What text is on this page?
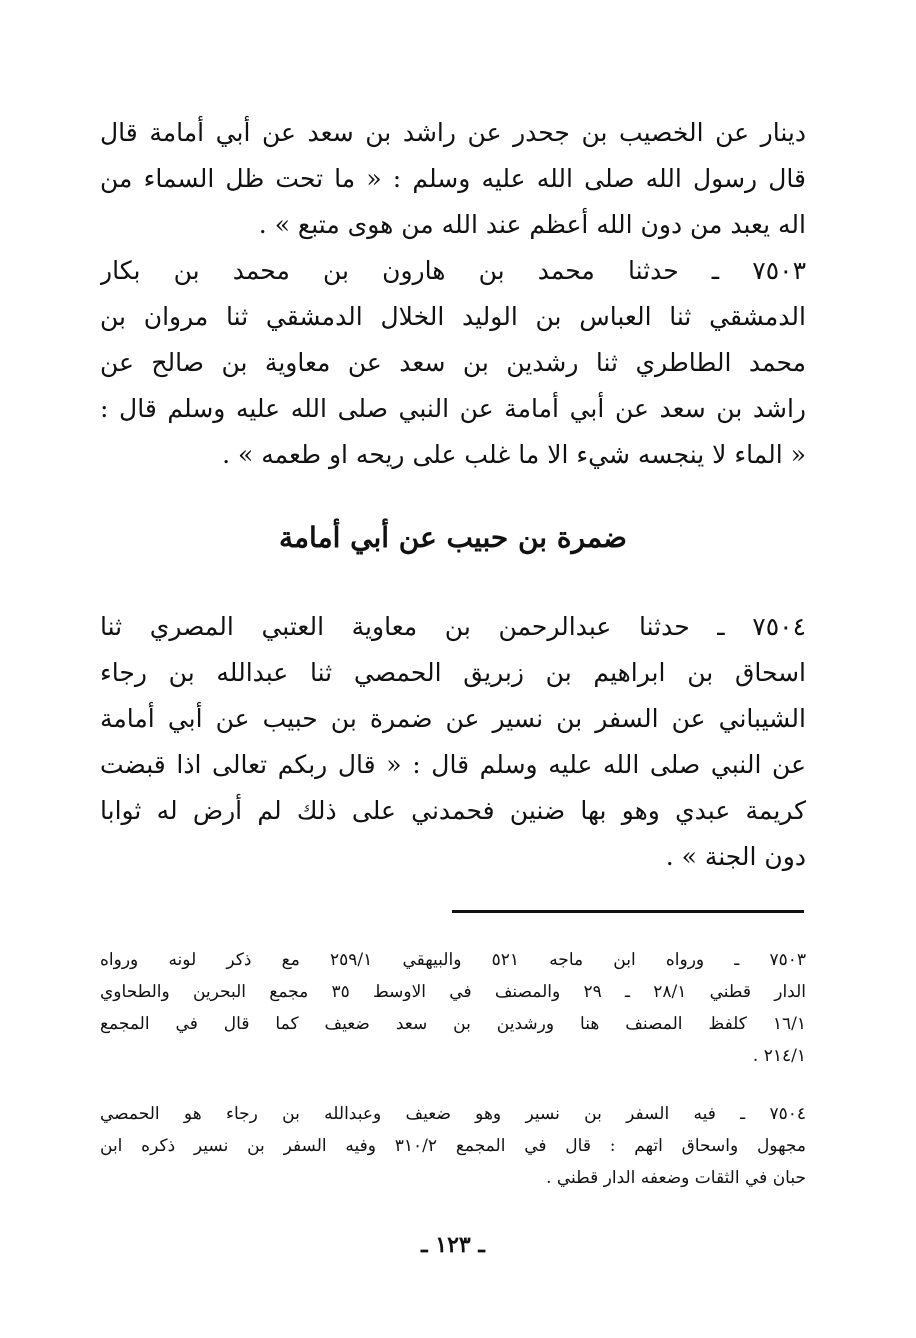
دينار عن الخصيب بن جحدر عن راشد بن سعد عن أبي أمامة قال
قال رسول الله صلى الله عليه وسلم : « ما تحت ظل السماء من
اله يعبد من دون الله أعظم عند الله من هوى متبع » .
٧٥٠٣ ـ حدثنا محمد بن هارون بن محمد بن بكار
الدمشقي ثنا العباس بن الوليد الخلال الدمشقي ثنا مروان بن
محمد الطاطري ثنا رشدين بن سعد عن معاوية بن صالح عن
راشد بن سعد عن أبي أمامة عن النبي صلى الله عليه وسلم قال :
« الماء لا ينجسه شيء الا ما غلب على ريحه او طعمه » .
ضمرة بن حبيب عن أبي أمامة
٧٥٠٤ ـ حدثنا عبدالرحمن بن معاوية العتبي المصري ثنا
اسحاق بن ابراهيم بن زبريق الحمصي ثنا عبدالله بن رجاء
الشيباني عن السفر بن نسير عن ضمرة بن حبيب عن أبي أمامة
عن النبي صلى الله عليه وسلم قال : « قال ربكم تعالى اذا قبضت
كريمة عبدي وهو بها ضنين فحمدني على ذلك لم أرض له ثوابا
دون الجنة » .
٧٥٠٣ ـ ورواه ابن ماجه ٥٢١ والبيهقي ٢٥٩/١ مع ذكر لونه ورواه
الدار قطني ٢٨/١ ـ ٢٩ والمصنف في الاوسط ٣٥ مجمع البحرين والطحاوي
١٦/١ كلفظ المصنف هنا ورشدين بن سعد ضعيف كما قال في المجمع
٢١٤/١ .
٧٥٠٤ ـ فيه السفر بن نسير وهو ضعيف وعبدالله بن رجاء هو الحمصي
مجهول واسحاق اتهم : قال في المجمع ٣١٠/٢ وفيه السفر بن نسير ذكره ابن
حبان في الثقات وضعفه الدار قطني .
ـ ١٢٣ ـ
